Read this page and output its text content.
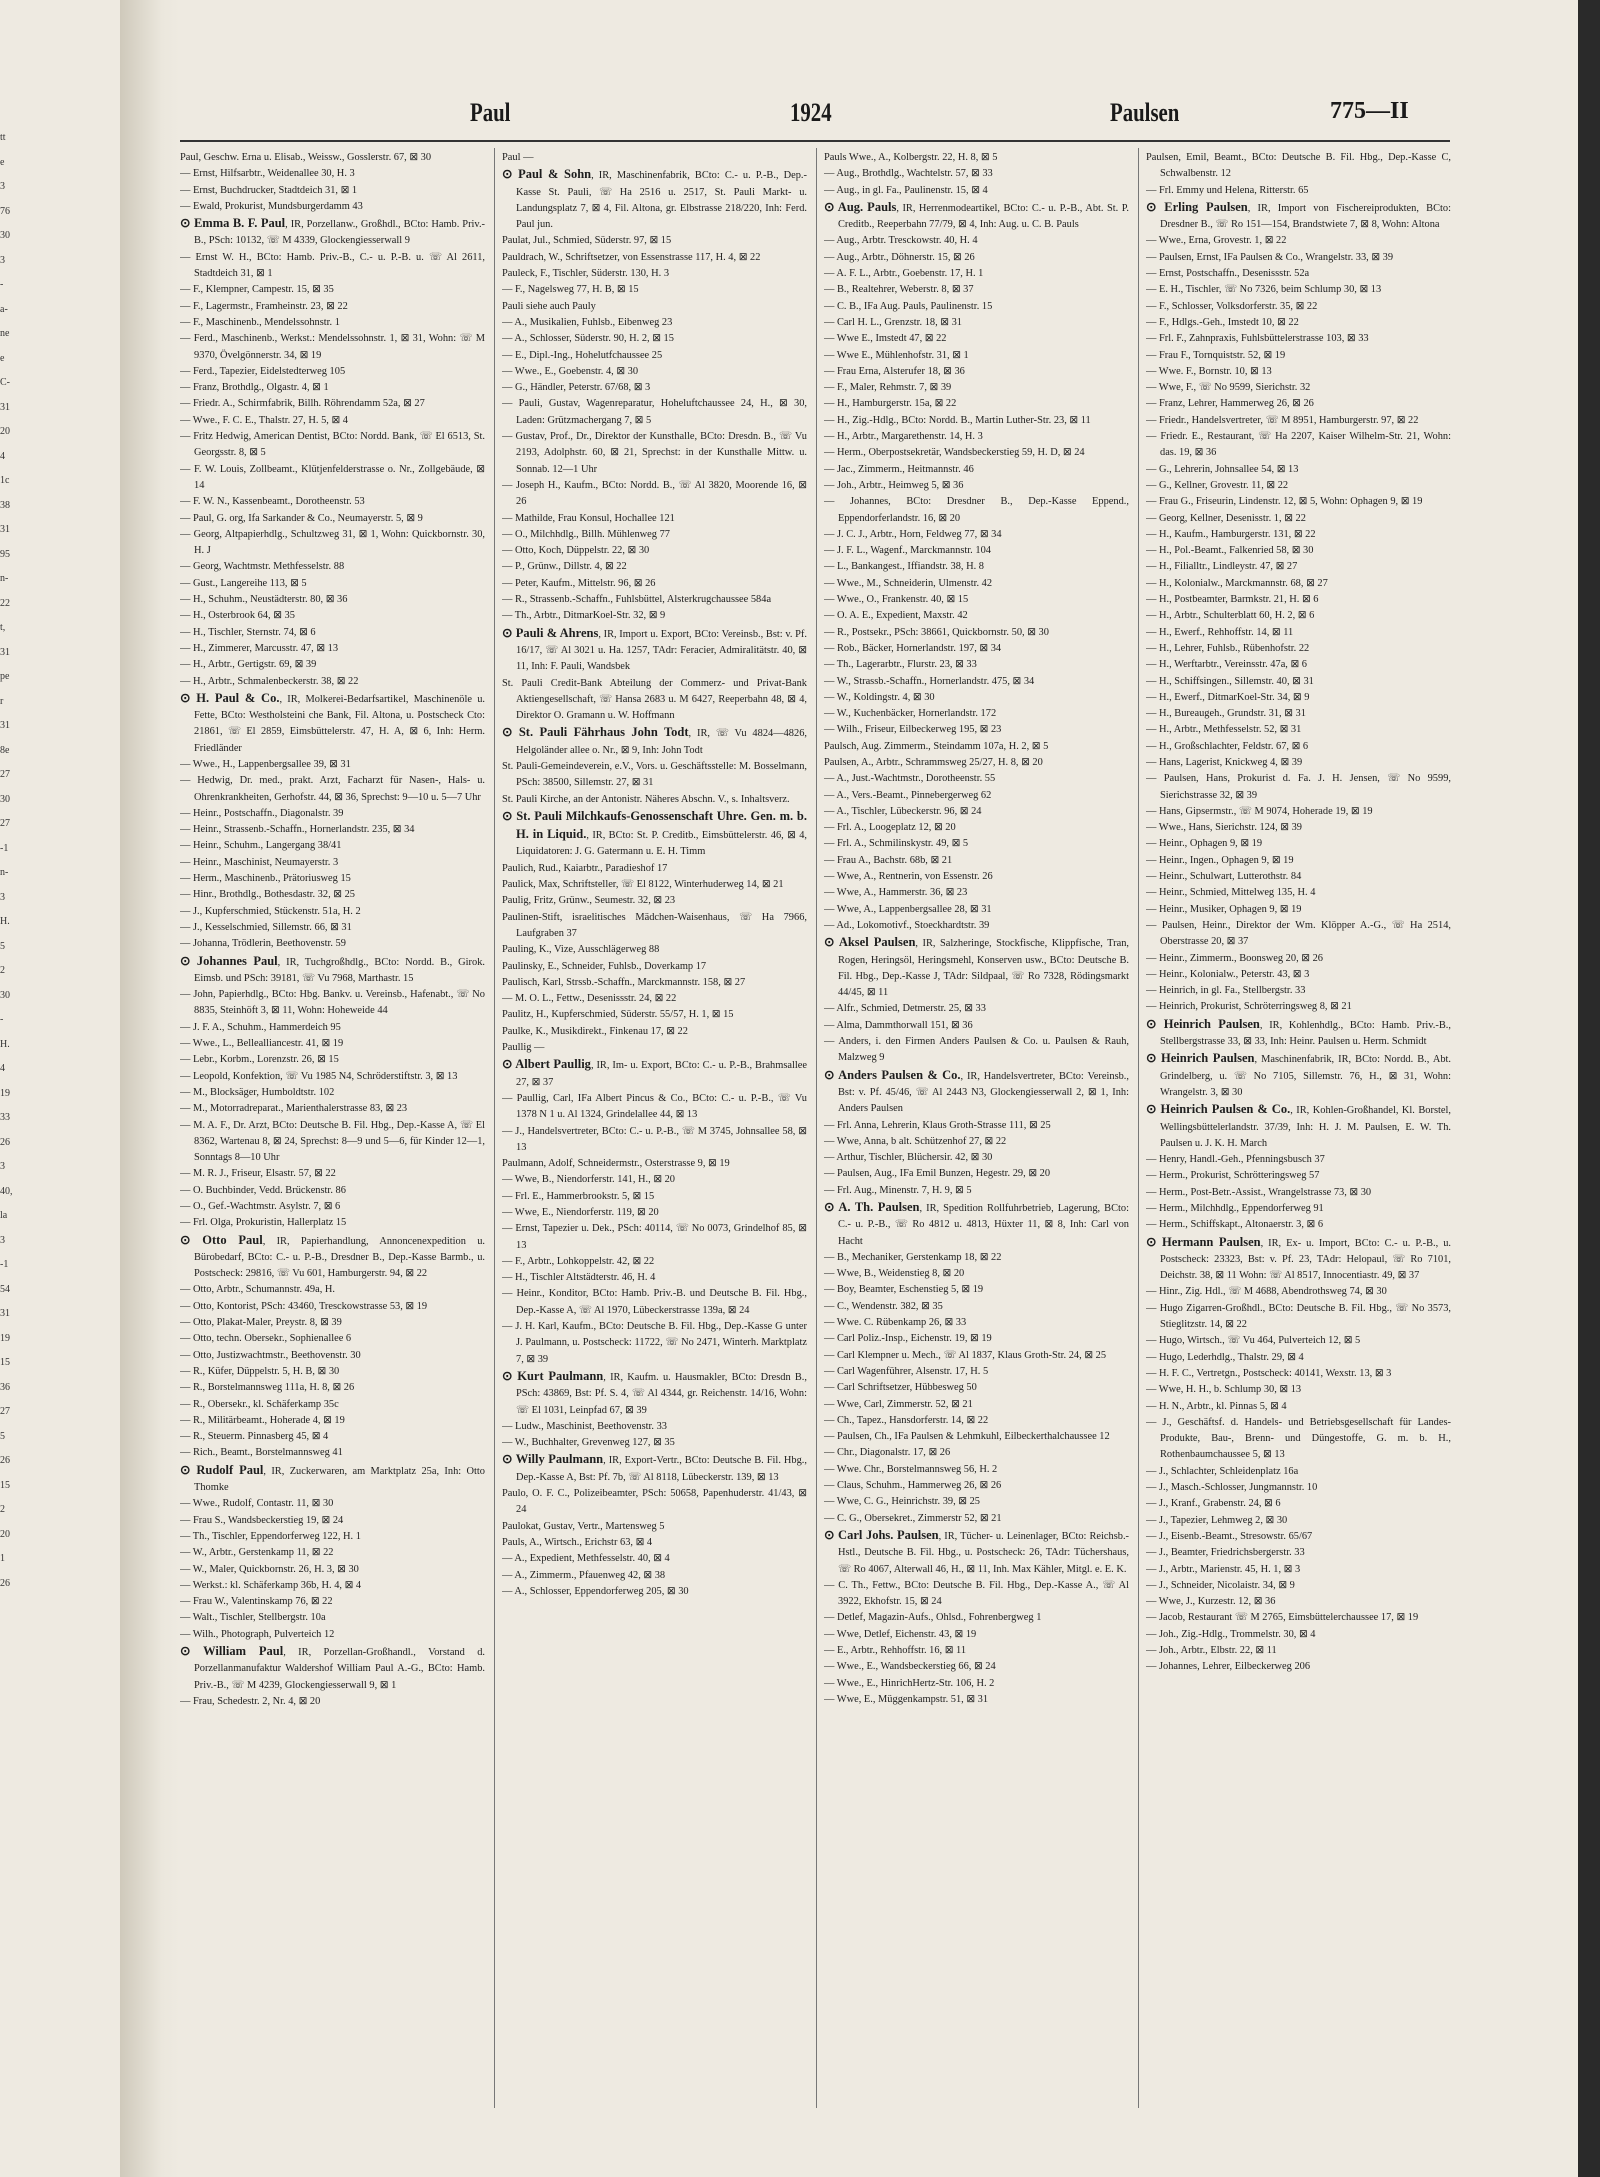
tt
e
3
76
30
3
-
a-
ne
e
C-
31
20
4
1c
38
31
95
n-
22
t,
31
pe
r
31
8e
27
30
27
-1
n-
3
H.
5
2
30
-
H.
4
19
33
26
3
40,
la
3
-1
54
31
19
15
36
27
5
26
15
2
20
1
26
Paul	1924	Paulsen	775—II

Paul, Geschw. Erna u. Elisab., Weissw., Gosslerstr. 67, ⊠ 30

— Ernst, Hilfsarbtr., Weidenallee 30, H. 3

— Ernst, Buchdrucker, Stadtdeich 31, ⊠ 1

— Ewald, Prokurist, Mundsburgerdamm 43

⊙ Emma B. F. Paul, IR, Porzellanw., Großhdl., BCto: Hamb. Priv.-B., PSch: 10132, ☏ M 4339, Glockengiesserwall 9

— Ernst W. H., BCto: Hamb. Priv.-B., C.- u. P.-B. u. ☏ Al 2611, Stadtdeich 31, ⊠ 1

— F., Klempner, Campestr. 15, ⊠ 35

— F., Lagermstr., Framheinstr. 23, ⊠ 22

— F., Maschinenb., Mendelssohnstr. 1

— Ferd., Maschinenb., Werkst.: Mendelssohnstr. 1, ⊠ 31, Wohn: ☏ M 9370, Övelgönnerstr. 34, ⊠ 19

— Ferd., Tapezier, Eidelstedterweg 105

— Franz, Brothdlg., Olgastr. 4, ⊠ 1

— Friedr. A., Schirmfabrik, Billh. Röhrendamm 52a, ⊠ 27

— Wwe., F. C. E., Thalstr. 27, H. 5, ⊠ 4

— Fritz Hedwig, American Dentist, BCto: Nordd. Bank, ☏ El 6513, St. Georgsstr. 8, ⊠ 5

— F. W. Louis, Zollbeamt., Klütjenfelderstrasse o. Nr., Zollgebäude, ⊠ 14

— F. W. N., Kassenbeamt., Dorotheenstr. 53

— Paul, G. org, Ifa Sarkander & Co., Neumayerstr. 5, ⊠ 9

— Georg, Altpapierhdlg., Schultzweg 31, ⊠ 1, Wohn: Quickbornstr. 30, H. J

— Georg, Wachtmstr. Methfesselstr. 88

— Gust., Langereihe 113, ⊠ 5

— H., Schuhm., Neustädterstr. 80, ⊠ 36

— H., Osterbrook 64, ⊠ 35

— H., Tischler, Sternstr. 74, ⊠ 6

— H., Zimmerer, Marcusstr. 47, ⊠ 13

— H., Arbtr., Gertigstr. 69, ⊠ 39

— H., Arbtr., Schmalenbeckerstr. 38, ⊠ 22

⊙ H. Paul & Co., IR, Molkerei-Bedarfsartikel, Maschinenöle u. Fette, BCto: Westholsteini che Bank, Fil. Altona, u. Postscheck Cto: 21861, ☏ El 2859, Eimsbüttelerstr. 47, H. A, ⊠ 6, Inh: Herm. Friedländer

— Wwe., H., Lappenbergsallee 39, ⊠ 31

— Hedwig, Dr. med., prakt. Arzt, Facharzt für Nasen-, Hals- u. Ohrenkrankheiten, Gerhofstr. 44, ⊠ 36, Sprechst: 9—10 u. 5—7 Uhr

— Heinr., Postschaffn., Diagonalstr. 39

— Heinr., Strassenb.-Schaffn., Hornerlandstr. 235, ⊠ 34

— Heinr., Schuhm., Langergang 38/41

— Heinr., Maschinist, Neumayerstr. 3

— Herm., Maschinenb., Prätoriusweg 15

— Hinr., Brothdlg., Bothesdastr. 32, ⊠ 25

— J., Kupferschmied, Stückenstr. 51a, H. 2

— J., Kesselschmied, Sillemstr. 66, ⊠ 31

— Johanna, Trödlerin, Beethovenstr. 59

⊙ Johannes Paul, IR, Tuchgroßhdlg., BCto: Nordd. B., Girok. Eimsb. und PSch: 39181, ☏ Vu 7968, Marthastr. 15

— John, Papierhdlg., BCto: Hbg. Bankv. u. Vereinsb., Hafenabt., ☏ No 8835, Steinhöft 3, ⊠ 11, Wohn: Hoheweide 44

— J. F. A., Schuhm., Hammerdeich 95

— Wwe., L., Bellealliancestr. 41, ⊠ 19

— Lebr., Korbm., Lorenzstr. 26, ⊠ 15

— Leopold, Konfektion, ☏ Vu 1985 N4, Schröderstiftstr. 3, ⊠ 13

— M., Blocksäger, Humboldtstr. 102

— M., Motorradreparat., Marienthalerstrasse 83, ⊠ 23

— M. A. F., Dr. Arzt, BCto: Deutsche B. Fil. Hbg., Dep.-Kasse A, ☏ El 8362, Wartenau 8, ⊠ 24, Sprechst: 8—9 und 5—6, für Kinder 12—1, Sonntags 8—10 Uhr

— M. R. J., Friseur, Elsastr. 57, ⊠ 22

— O. Buchbinder, Vedd. Brückenstr. 86

— O., Gef.-Wachtmstr. Asylstr. 7, ⊠ 6

— Frl. Olga, Prokuristin, Hallerplatz 15

⊙ Otto Paul, IR, Papierhandlung, Annoncenexpedition u. Bürobedarf, BCto: C.- u. P.-B., Dresdner B., Dep.-Kasse Barmb., u. Postscheck: 29816, ☏ Vu 601, Hamburgerstr. 94, ⊠ 22

— Otto, Arbtr., Schumannstr. 49a, H.

— Otto, Kontorist, PSch: 43460, Tresckowstrasse 53, ⊠ 19

— Otto, Plakat-Maler, Preystr. 8, ⊠ 39

— Otto, techn. Obersekr., Sophienallee 6

— Otto, Justizwachtmstr., Beethovenstr. 30

— R., Küfer, Düppelstr. 5, H. B, ⊠ 30

— R., Borstelmannsweg 111a, H. 8, ⊠ 26

— R., Obersekr., kl. Schäferkamp 35c

— R., Militärbeamt., Hoherade 4, ⊠ 19

— R., Steuerm. Pinnasberg 45, ⊠ 4

— Rich., Beamt., Borstelmannsweg 41

⊙ Rudolf Paul, IR, Zuckerwaren, am Marktplatz 25a, Inh: Otto Thomke

— Wwe., Rudolf, Contastr. 11, ⊠ 30

— Frau S., Wandsbeckerstieg 19, ⊠ 24

— Th., Tischler, Eppendorferweg 122, H. 1

— W., Arbtr., Gerstenkamp 11, ⊠ 22

— W., Maler, Quickbornstr. 26, H. 3, ⊠ 30

— Werkst.: kl. Schäferkamp 36b, H. 4, ⊠ 4

— Frau W., Valentinskamp 76, ⊠ 22

— Walt., Tischler, Stellbergstr. 10a

— Wilh., Photograph, Pulverteich 12

⊙ William Paul, IR, Porzellan-Großhandl., Vorstand d. Porzellanmanufaktur Waldershof William Paul A.-G., BCto: Hamb. Priv.-B., ☏ M 4239, Glockengiesserwall 9, ⊠ 1

— Frau, Schedestr. 2, Nr. 4, ⊠ 20

Paul —

⊙ Paul & Sohn, IR, Maschinenfabrik, BCto: C.- u. P.-B., Dep.-Kasse St. Pauli, ☏ Ha 2516 u. 2517, St. Pauli Markt- u. Landungsplatz 7, ⊠ 4, Fil. Altona, gr. Elbstrasse 218/220, Inh: Ferd. Paul jun.

Paulat, Jul., Schmied, Süderstr. 97, ⊠ 15

Pauldrach, W., Schriftsetzer, von Essenstrasse 117, H. 4, ⊠ 22

Pauleck, F., Tischler, Süderstr. 130, H. 3

— F., Nagelsweg 77, H. B, ⊠ 15

Pauli siehe auch Pauly

— A., Musikalien, Fuhlsb., Eibenweg 23

— A., Schlosser, Süderstr. 90, H. 2, ⊠ 15

— E., Dipl.-Ing., Hohelutfchaussee 25

— Wwe., E., Goebenstr. 4, ⊠ 30

— G., Händler, Peterstr. 67/68, ⊠ 3

— Pauli, Gustav, Wagenreparatur, Hoheluftchaussee 24, H., ⊠ 30, Laden: Grützmachergang 7, ⊠ 5

— Gustav, Prof., Dr., Direktor der Kunsthalle, BCto: Dresdn. B., ☏ Vu 2193, Adolphstr. 60, ⊠ 21, Sprechst: in der Kunsthalle Mittw. u. Sonnab. 12—1 Uhr

— Joseph H., Kaufm., BCto: Nordd. B., ☏ Al 3820, Moorende 16, ⊠ 26

— Mathilde, Frau Konsul, Hochallee 121

— O., Milchhdlg., Billh. Mühlenweg 77

— Otto, Koch, Düppelstr. 22, ⊠ 30

— P., Grünw., Dillstr. 4, ⊠ 22

— Peter, Kaufm., Mittelstr. 96, ⊠ 26

— R., Strassenb.-Schaffn., Fuhlsbüttel, Alsterkrugchaussee 584a

— Th., Arbtr., DitmarKoel-Str. 32, ⊠ 9

⊙ Pauli & Ahrens, IR, Import u. Export, BCto: Vereinsb., Bst: v. Pf. 16/17, ☏ Al 3021 u. Ha. 1257, TAdr: Feracier, Admiralitätstr. 40, ⊠ 11, Inh: F. Pauli, Wandsbek

St. Pauli Credit-Bank Abteilung der Commerz- und Privat-Bank Aktiengesellschaft, ☏ Hansa 2683 u. M 6427, Reeperbahn 48, ⊠ 4, Direktor O. Gramann u. W. Hoffmann

⊙ St. Pauli Fährhaus John Todt, IR, ☏ Vu 4824—4826, Helgoländer allee o. Nr., ⊠ 9, Inh: John Todt

St. Pauli-Gemeindeverein, e.V., Vors. u. Geschäftsstelle: M. Bosselmann, PSch: 38500, Sillemstr. 27, ⊠ 31

St. Pauli Kirche, an der Antonistr. Näheres Abschn. V., s. Inhaltsverz.

⊙ St. Pauli Milchkaufs-Genossenschaft Uhre. Gen. m. b. H. in Liquid., IR, BCto: St. P. Creditb., Eimsbüttelerstr. 46, ⊠ 4, Liquidatoren: J. G. Gatermann u. E. H. Timm

Paulich, Rud., Kaiarbtr., Paradieshof 17

Paulick, Max, Schriftsteller, ☏ El 8122, Winterhuderweg 14, ⊠ 21

Paulig, Fritz, Grünw., Seumestr. 32, ⊠ 23

Paulinen-Stift, israelitisches Mädchen-Waisenhaus, ☏ Ha 7966, Laufgraben 37

Pauling, K., Vize, Ausschlägerweg 88

Paulinsky, E., Schneider, Fuhlsb., Doverkamp 17

Paulisch, Karl, Strssb.-Schaffn., Marckmannstr. 158, ⊠ 27

— M. O. L., Fettw., Desenissstr. 24, ⊠ 22

Paulitz, H., Kupferschmied, Süderstr. 55/57, H. 1, ⊠ 15

Paulke, K., Musikdirekt., Finkenau 17, ⊠ 22

Paullig —

⊙ Albert Paullig, IR, Im- u. Export, BCto: C.- u. P.-B., Brahmsallee 27, ⊠ 37

— Paullig, Carl, IFa Albert Pincus & Co., BCto: C.- u. P.-B., ☏ Vu 1378 N 1 u. Al 1324, Grindelallee 44, ⊠ 13

— J., Handelsvertreter, BCto: C.- u. P.-B., ☏ M 3745, Johnsallee 58, ⊠ 13

Paulmann, Adolf, Schneidermstr., Osterstrasse 9, ⊠ 19

— Wwe, B., Niendorferstr. 141, H., ⊠ 20

— Frl. E., Hammerbrookstr. 5, ⊠ 15

— Wwe, E., Niendorferstr. 119, ⊠ 20

— Ernst, Tapezier u. Dek., PSch: 40114, ☏ No 0073, Grindelhof 85, ⊠ 13

— F., Arbtr., Lohkoppelstr. 42, ⊠ 22

— H., Tischler Altstädterstr. 46, H. 4

— Heinr., Konditor, BCto: Hamb. Priv.-B. und Deutsche B. Fil. Hbg., Dep.-Kasse A, ☏ Al 1970, Lübeckerstrasse 139a, ⊠ 24

— J. H. Karl, Kaufm., BCto: Deutsche B. Fil. Hbg., Dep.-Kasse G unter J. Paulmann, u. Postscheck: 11722, ☏ No 2471, Winterh. Marktplatz 7, ⊠ 39

⊙ Kurt Paulmann, IR, Kaufm. u. Hausmakler, BCto: Dresdn B., PSch: 43869, Bst: Pf. S. 4, ☏ Al 4344, gr. Reichenstr. 14/16, Wohn: ☏ El 1031, Leinpfad 67, ⊠ 39

— Ludw., Maschinist, Beethovenstr. 33

— W., Buchhalter, Grevenweg 127, ⊠ 35

⊙ Willy Paulmann, IR, Export-Vertr., BCto: Deutsche B. Fil. Hbg., Dep.-Kasse A, Bst: Pf. 7b, ☏ Al 8118, Lübeckerstr. 139, ⊠ 13

Paulo, O. F. C., Polizeibeamter, PSch: 50658, Papenhuderstr. 41/43, ⊠ 24

Paulokat, Gustav, Vertr., Martensweg 5

Pauls, A., Wirtsch., Erichstr 63, ⊠ 4

— A., Expedient, Methfesselstr. 40, ⊠ 4

— A., Zimmerm., Pfauenweg 42, ⊠ 38

— A., Schlosser, Eppendorferweg 205, ⊠ 30

Pauls Wwe., A., Kolbergstr. 22, H. 8, ⊠ 5

— Aug., Brothdlg., Wachtelstr. 57, ⊠ 33

— Aug., in gl. Fa., Paulinenstr. 15, ⊠ 4

⊙ Aug. Pauls, IR, Herrenmodeartikel, BCto: C.- u. P.-B., Abt. St. P. Creditb., Reeperbahn 77/79, ⊠ 4, Inh: Aug. u. C. B. Pauls

— Aug., Arbtr. Tresckowstr. 40, H. 4

— Aug., Arbtr., Döhnerstr. 15, ⊠ 26

— A. F. L., Arbtr., Goebenstr. 17, H. 1

— B., Realtehrer, Weberstr. 8, ⊠ 37

— C. B., IFa Aug. Pauls, Paulinenstr. 15

— Carl H. L., Grenzstr. 18, ⊠ 31

— Wwe E., Imstedt 47, ⊠ 22

— Wwe E., Mühlenhofstr. 31, ⊠ 1

— Frau Erna, Alsterufer 18, ⊠ 36

— F., Maler, Rehmstr. 7, ⊠ 39

— H., Hamburgerstr. 15a, ⊠ 22

— H., Zig.-Hdlg., BCto: Nordd. B., Martin Luther-Str. 23, ⊠ 11

— H., Arbtr., Margarethenstr. 14, H. 3

— Herm., Oberpostsekretär, Wandsbeckerstieg 59, H. D, ⊠ 24

— Jac., Zimmerm., Heitmannstr. 46

— Joh., Arbtr., Heimweg 5, ⊠ 36

— Johannes, BCto: Dresdner B., Dep.-Kasse Eppend., Eppendorferlandstr. 16, ⊠ 20

— J. C. J., Arbtr., Horn, Feldweg 77, ⊠ 34

— J. F. L., Wagenf., Marckmannstr. 104

— L., Bankangest., Iffiandstr. 38, H. 8

— Wwe., M., Schneiderin, Ulmenstr. 42

— Wwe., O., Frankenstr. 40, ⊠ 15

— O. A. E., Expedient, Maxstr. 42

— R., Postsekr., PSch: 38661, Quickbornstr. 50, ⊠ 30

— Rob., Bäcker, Hornerlandstr. 197, ⊠ 34

— Th., Lagerarbtr., Flurstr. 23, ⊠ 33

— W., Strassb.-Schaffn., Hornerlandstr. 475, ⊠ 34

— W., Koldingstr. 4, ⊠ 30

— W., Kuchenbäcker, Hornerlandstr. 172

— Wilh., Friseur, Eilbeckerweg 195, ⊠ 23

Paulsch, Aug. Zimmerm., Steindamm 107a, H. 2, ⊠ 5

Paulsen, A., Arbtr., Schrammsweg 25/27, H. 8, ⊠ 20

— A., Just.-Wachtmstr., Dorotheenstr. 55

— A., Vers.-Beamt., Pinnebergerweg 62

— A., Tischler, Lübeckerstr. 96, ⊠ 24

— Frl. A., Loogeplatz 12, ⊠ 20

— Frl. A., Schmilinskystr. 49, ⊠ 5

— Frau A., Bachstr. 68b, ⊠ 21

— Wwe, A., Rentnerin, von Essenstr. 26

— Wwe, A., Hammerstr. 36, ⊠ 23

— Wwe, A., Lappenbergsallee 28, ⊠ 31

— Ad., Lokomotivf., Stoeckhardtstr. 39

⊙ Aksel Paulsen, IR, Salzheringe, Stockfische, Klippfische, Tran, Rogen, Heringsöl, Heringsmehl, Konserven usw., BCto: Deutsche B. Fil. Hbg., Dep.-Kasse J, TAdr: Sildpaal, ☏ Ro 7328, Rödingsmarkt 44/45, ⊠ 11

— Alfr., Schmied, Detmerstr. 25, ⊠ 33

— Alma, Dammthorwall 151, ⊠ 36

— Anders, i. den Firmen Anders Paulsen & Co. u. Paulsen & Rauh, Malzweg 9

⊙ Anders Paulsen & Co., IR, Handelsvertreter, BCto: Vereinsb., Bst: v. Pf. 45/46, ☏ Al 2443 N3, Glockengiesserwall 2, ⊠ 1, Inh: Anders Paulsen

— Frl. Anna, Lehrerin, Klaus Groth-Strasse 111, ⊠ 25

— Wwe, Anna, b alt. Schützenhof 27, ⊠ 22

— Arthur, Tischler, Blüchersir. 42, ⊠ 30

— Paulsen, Aug., IFa Emil Bunzen, Hegestr. 29, ⊠ 20

— Frl. Aug., Minenstr. 7, H. 9, ⊠ 5

⊙ A. Th. Paulsen, IR, Spedition Rollfuhrbetrieb, Lagerung, BCto: C.- u. P.-B., ☏ Ro 4812 u. 4813, Hüxter 11, ⊠ 8, Inh: Carl von Hacht

— B., Mechaniker, Gerstenkamp 18, ⊠ 22

— Wwe, B., Weidenstieg 8, ⊠ 20

— Boy, Beamter, Eschenstieg 5, ⊠ 19

— C., Wendenstr. 382, ⊠ 35

— Wwe. C. Rübenkamp 26, ⊠ 33

— Carl Poliz.-Insp., Eichenstr. 19, ⊠ 19

— Carl Klempner u. Mech., ☏ Al 1837, Klaus Groth-Str. 24, ⊠ 25

— Carl Wagenführer, Alsenstr. 17, H. 5

— Carl Schriftsetzer, Hübbesweg 50

— Wwe, Carl, Zimmerstr. 52, ⊠ 21

— Ch., Tapez., Hansdorferstr. 14, ⊠ 22

— Paulsen, Ch., IFa Paulsen & Lehmkuhl, Eilbeckerthalchaussee 12

— Chr., Diagonalstr. 17, ⊠ 26

— Wwe. Chr., Borstelmannsweg 56, H. 2

— Claus, Schuhm., Hammerweg 26, ⊠ 26

— Wwe, C. G., Heinrichstr. 39, ⊠ 25

— C. G., Obersekret., Zimmerstr 52, ⊠ 21

⊙ Carl Johs. Paulsen, IR, Tücher- u. Leinenlager, BCto: Reichsb.-Hstl., Deutsche B. Fil. Hbg., u. Postscheck: 26, TAdr: Tüchershaus, ☏ Ro 4067, Alterwall 46, H., ⊠ 11, Inh. Max Kähler, Mitgl. e. E. K.

— C. Th., Fettw., BCto: Deutsche B. Fil. Hbg., Dep.-Kasse A., ☏ Al 3922, Ekhofstr. 15, ⊠ 24

— Detlef, Magazin-Aufs., Ohlsd., Fohrenbergweg 1

— Wwe, Detlef, Eichenstr. 43, ⊠ 19

— E., Arbtr., Rehhoffstr. 16, ⊠ 11

— Wwe., E., Wandsbeckerstieg 66, ⊠ 24

— Wwe., E., HinrichHertz-Str. 106, H. 2

— Wwe, E., Müggenkampstr. 51, ⊠ 31

Paulsen, Emil, Beamt., BCto: Deutsche B. Fil. Hbg., Dep.-Kasse C, Schwalbenstr. 12

— Frl. Emmy und Helena, Ritterstr. 65

⊙ Erling Paulsen, IR, Import von Fischereiprodukten, BCto: Dresdner B., ☏ Ro 151—154, Brandstwiete 7, ⊠ 8, Wohn: Altona

— Wwe., Erna, Grovestr. 1, ⊠ 22

— Paulsen, Ernst, IFa Paulsen & Co., Wrangelstr. 33, ⊠ 39

— Ernst, Postschaffn., Desenissstr. 52a

— E. H., Tischler, ☏ No 7326, beim Schlump 30, ⊠ 13

— F., Schlosser, Volksdorferstr. 35, ⊠ 22

— F., Hdlgs.-Geh., Imstedt 10, ⊠ 22

— Frl. F., Zahnpraxis, Fuhlsbüttelerstrasse 103, ⊠ 33

— Frau F., Tornquiststr. 52, ⊠ 19

— Wwe. F., Bornstr. 10, ⊠ 13

— Wwe, F., ☏ No 9599, Sierichstr. 32

— Franz, Lehrer, Hammerweg 26, ⊠ 26

— Friedr., Handelsvertreter, ☏ M 8951, Hamburgerstr. 97, ⊠ 22

— Friedr. E., Restaurant, ☏ Ha 2207, Kaiser Wilhelm-Str. 21, Wohn: das. 19, ⊠ 36

— G., Lehrerin, Johnsallee 54, ⊠ 13

— G., Kellner, Grovestr. 11, ⊠ 22

— Frau G., Friseurin, Lindenstr. 12, ⊠ 5, Wohn: Ophagen 9, ⊠ 19

— Georg, Kellner, Desenisstr. 1, ⊠ 22

— H., Kaufm., Hamburgerstr. 131, ⊠ 22

— H., Pol.-Beamt., Falkenried 58, ⊠ 30

— H., Filialltr., Lindleystr. 47, ⊠ 27

— H., Kolonialw., Marckmannstr. 68, ⊠ 27

— H., Postbeamter, Barmkstr. 21, H. ⊠ 6

— H., Arbtr., Schulterblatt 60, H. 2, ⊠ 6

— H., Ewerf., Rehhoffstr. 14, ⊠ 11

— H., Lehrer, Fuhlsb., Rübenhofstr. 22

— H., Werftarbtr., Vereinsstr. 47a, ⊠ 6

— H., Schiffsingen., Sillemstr. 40, ⊠ 31

— H., Ewerf., DitmarKoel-Str. 34, ⊠ 9

— H., Bureaugeh., Grundstr. 31, ⊠ 31

— H., Arbtr., Methfesselstr. 52, ⊠ 31

— H., Großschlachter, Feldstr. 67, ⊠ 6

— Hans, Lagerist, Knickweg 4, ⊠ 39

— Paulsen, Hans, Prokurist d. Fa. J. H. Jensen, ☏ No 9599, Sierichstrasse 32, ⊠ 39

— Hans, Gipsermstr., ☏ M 9074, Hoherade 19, ⊠ 19

— Wwe., Hans, Sierichstr. 124, ⊠ 39

— Heinr., Ophagen 9, ⊠ 19

— Heinr., Ingen., Ophagen 9, ⊠ 19

— Heinr., Schulwart, Lutterothstr. 84

— Heinr., Schmied, Mittelweg 135, H. 4

— Heinr., Musiker, Ophagen 9, ⊠ 19

— Paulsen, Heinr., Direktor der Wm. Klöpper A.-G., ☏ Ha 2514, Oberstrasse 20, ⊠ 37

— Heinr., Zimmerm., Boonsweg 20, ⊠ 26

— Heinr., Kolonialw., Peterstr. 43, ⊠ 3

— Heinrich, in gl. Fa., Stellbergstr. 33

— Heinrich, Prokurist, Schröterringsweg 8, ⊠ 21

⊙ Heinrich Paulsen, IR, Kohlenhdlg., BCto: Hamb. Priv.-B., Stellbergstrasse 33, ⊠ 33, Inh: Heinr. Paulsen u. Herm. Schmidt

⊙ Heinrich Paulsen, Maschinenfabrik, IR, BCto: Nordd. B., Abt. Grindelberg, u. ☏ No 7105, Sillemstr. 76, H., ⊠ 31, Wohn: Wrangelstr. 3, ⊠ 30

⊙ Heinrich Paulsen & Co., IR, Kohlen-Großhandel, Kl. Borstel, Wellingsbüttelerlandstr. 37/39, Inh: H. J. M. Paulsen, E. W. Th. Paulsen u. J. K. H. March

— Henry, Handl.-Geh., Pfenningsbusch 37

— Herm., Prokurist, Schrötteringsweg 57

— Herm., Post-Betr.-Assist., Wrangelstrasse 73, ⊠ 30

— Herm., Milchhdlg., Eppendorferweg 91

— Herm., Schiffskapt., Altonaerstr. 3, ⊠ 6

⊙ Hermann Paulsen, IR, Ex- u. Import, BCto: C.- u. P.-B., u. Postscheck: 23323, Bst: v. Pf. 23, TAdr: Helopaul, ☏ Ro 7101, Deichstr. 38, ⊠ 11 Wohn: ☏ Al 8517, Innocentiastr. 49, ⊠ 37

— Hinr., Zig. Hdl., ☏ M 4688, Abendrothsweg 74, ⊠ 30

— Hugo Zigarren-Großhdl., BCto: Deutsche B. Fil. Hbg., ☏ No 3573, Stieglitzstr. 14, ⊠ 22

— Hugo, Wirtsch., ☏ Vu 464, Pulverteich 12, ⊠ 5

— Hugo, Lederhdlg., Thalstr. 29, ⊠ 4

— H. F. C., Vertretgn., Postscheck: 40141, Wexstr. 13, ⊠ 3

— Wwe, H. H., b. Schlump 30, ⊠ 13

— H. N., Arbtr., kl. Pinnas 5, ⊠ 4

— J., Geschäftsf. d. Handels- und Betriebsgesellschaft für Landes-Produkte, Bau-, Brenn- und Düngestoffe, G. m. b. H., Rothenbaumchaussee 5, ⊠ 13

— J., Schlachter, Schleidenplatz 16a

— J., Masch.-Schlosser, Jungmannstr. 10

— J., Kranf., Grabenstr. 24, ⊠ 6

— J., Tapezier, Lehmweg 2, ⊠ 30

— J., Eisenb.-Beamt., Stresowstr. 65/67

— J., Beamter, Friedrichsbergerstr. 33

— J., Arbtr., Marienstr. 45, H. 1, ⊠ 3

— J., Schneider, Nicolaistr. 34, ⊠ 9

— Wwe, J., Kurzestr. 12, ⊠ 36

— Jacob, Restaurant ☏ M 2765, Eimsbüttelerchaussee 17, ⊠ 19

— Joh., Zig.-Hdlg., Trommelstr. 30, ⊠ 4

— Joh., Arbtr., Elbstr. 22, ⊠ 11

— Johannes, Lehrer, Eilbeckerweg 206
